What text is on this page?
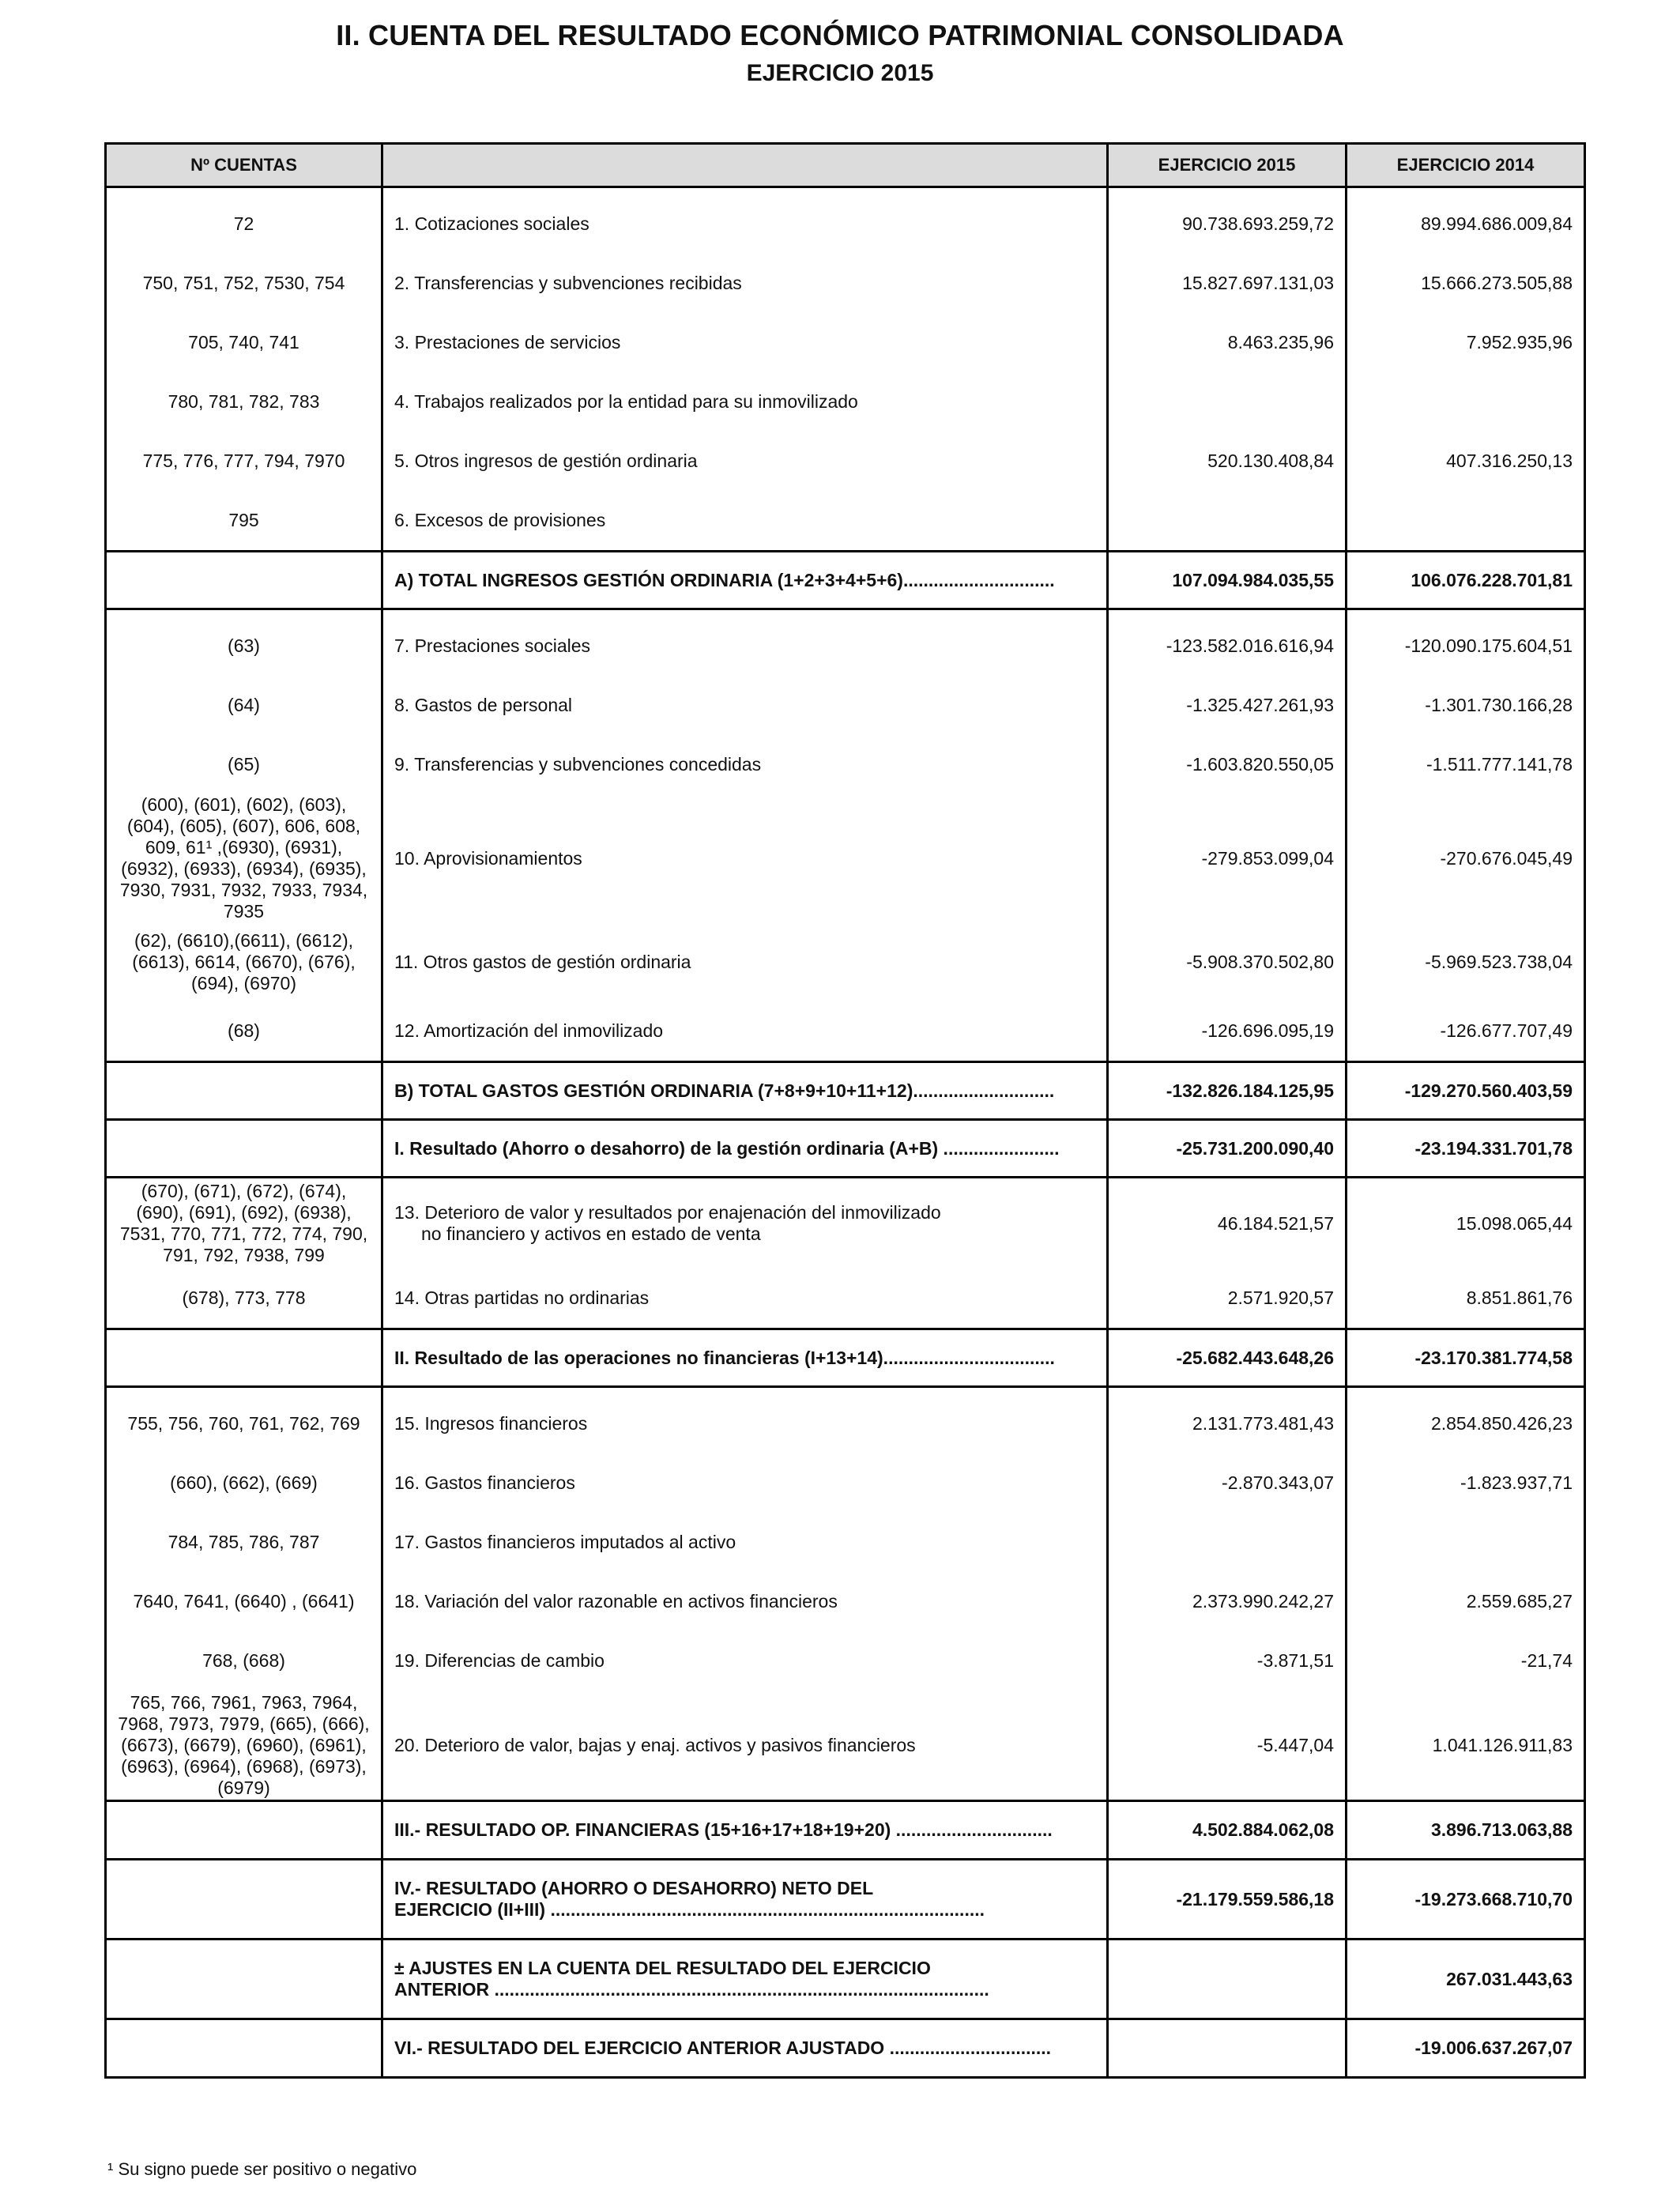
II. CUENTA DEL RESULTADO ECONÓMICO PATRIMONIAL CONSOLIDADA
EJERCICIO 2015
Nº CUENTAS		EJERCICIO 2015	EJERCICIO 2014
72	1. Cotizaciones sociales	90.738.693.259,72	89.994.686.009,84
750, 751, 752, 7530, 754	2. Transferencias y subvenciones recibidas	15.827.697.131,03	15.666.273.505,88
705, 740, 741	3. Prestaciones de servicios	8.463.235,96	7.952.935,96
780, 781, 782, 783	4. Trabajos realizados por la entidad para su inmovilizado		
775, 776, 777, 794, 7970	5. Otros ingresos de gestión ordinaria	520.130.408,84	407.316.250,13
795	6. Excesos de provisiones		
	A) TOTAL INGRESOS GESTIÓN ORDINARIA (1+2+3+4+5+6)..............................	107.094.984.035,55	106.076.228.701,81
(63)	7. Prestaciones sociales	-123.582.016.616,94	-120.090.175.604,51
(64)	8. Gastos de personal	-1.325.427.261,93	-1.301.730.166,28
(65)	9. Transferencias y subvenciones concedidas	-1.603.820.550,05	-1.511.777.141,78
(600), (601), (602), (603), (604), (605), (607), 606, 608, 609, 61¹ ,(6930), (6931), (6932), (6933), (6934), (6935), 7930, 7931, 7932, 7933, 7934, 7935	10. Aprovisionamientos	-279.853.099,04	-270.676.045,49
(62), (6610),(6611), (6612), (6613), 6614, (6670), (676), (694), (6970)	11. Otros gastos de gestión ordinaria	-5.908.370.502,80	-5.969.523.738,04
(68)	12. Amortización del inmovilizado	-126.696.095,19	-126.677.707,49
	B) TOTAL GASTOS GESTIÓN ORDINARIA (7+8+9+10+11+12)............................	-132.826.184.125,95	-129.270.560.403,59
	I. Resultado (Ahorro o desahorro) de la gestión ordinaria (A+B) .......................	-25.731.200.090,40	-23.194.331.701,78
(670), (671), (672), (674), (690), (691), (692), (6938), 7531, 770, 771, 772, 774, 790, 791, 792, 7938, 799	13. Deterioro de valor y resultados por enajenación del inmovilizado
no financiero y activos en estado de venta	46.184.521,57	15.098.065,44
(678), 773, 778	14. Otras partidas no ordinarias	2.571.920,57	8.851.861,76
	II. Resultado de las operaciones no financieras (I+13+14)..................................	-25.682.443.648,26	-23.170.381.774,58
755, 756, 760, 761, 762, 769	15. Ingresos financieros	2.131.773.481,43	2.854.850.426,23
(660), (662), (669)	16. Gastos financieros	-2.870.343,07	-1.823.937,71
784, 785, 786, 787	17. Gastos financieros imputados al activo		
7640, 7641, (6640) , (6641)	18. Variación del valor razonable en activos financieros	2.373.990.242,27	2.559.685,27
768, (668)	19. Diferencias de cambio	-3.871,51	-21,74
765, 766, 7961, 7963, 7964, 7968, 7973, 7979, (665), (666), (6673), (6679), (6960), (6961), (6963), (6964), (6968), (6973), (6979)	20. Deterioro de valor, bajas y enaj. activos y pasivos financieros	-5.447,04	1.041.126.911,83
	III.- RESULTADO OP. FINANCIERAS (15+16+17+18+19+20) ...............................	4.502.884.062,08	3.896.713.063,88

	IV.- RESULTADO (AHORRO O DESAHORRO) NETO DEL
EJERCICIO (II+III) ......................................................................................	-21.179.559.586,18	-19.273.668.710,70

	± AJUSTES EN LA CUENTA DEL RESULTADO DEL EJERCICIO
ANTERIOR ..................................................................................................		267.031.443,63
	VI.- RESULTADO DEL EJERCICIO ANTERIOR AJUSTADO ................................		-19.006.637.267,07
¹ Su signo puede ser positivo o negativo
